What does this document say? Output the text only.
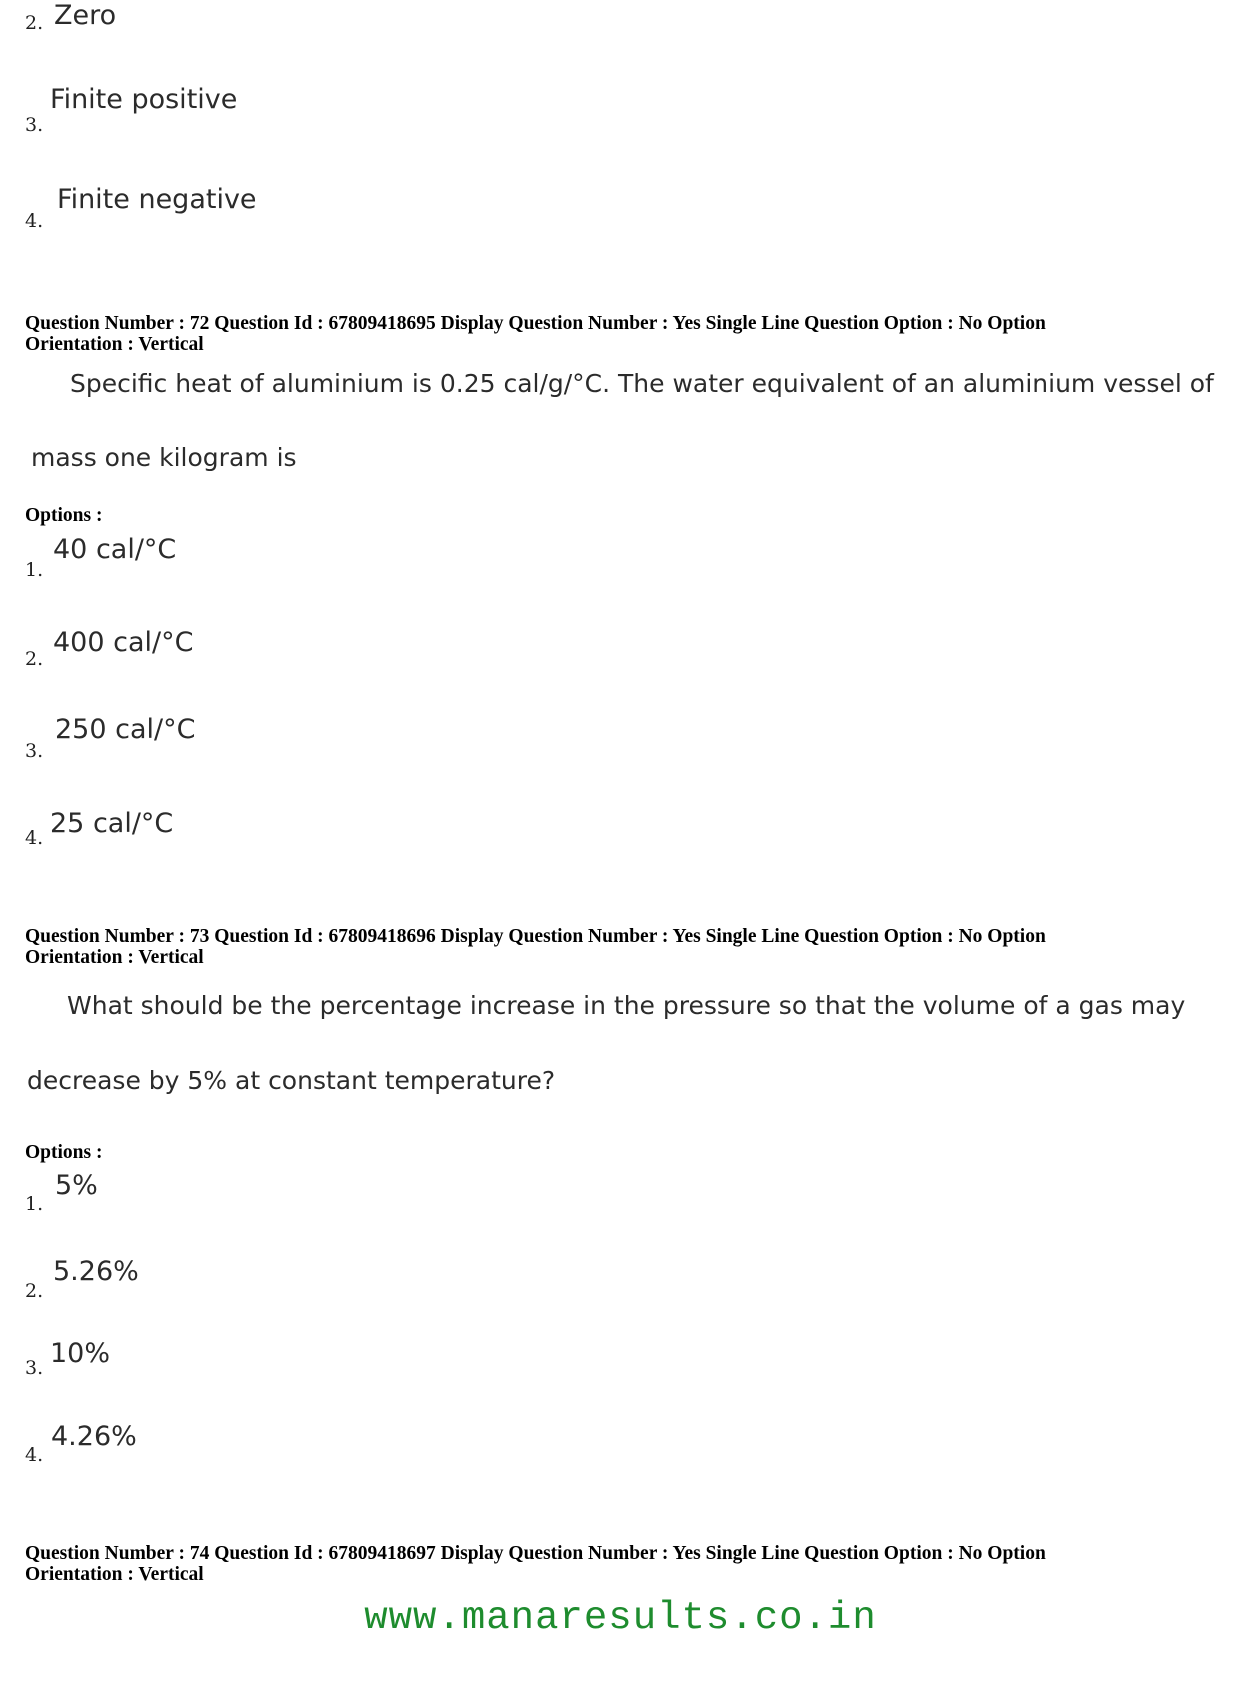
2. Zero
3.
Finite positive
4.
Finite negative
Question Number : 72 Question Id : 67809418695 Display Question Number : Yes Single Line Question Option : No Option
Orientation : Vertical
Specific heat of aluminium is 0.25 cal/g/°C. The water equivalent of an aluminium vessel of
mass one kilogram is
Options :
1.
40 cal/°C
2.
400 cal/°C
3.
250 cal/°C
4. 25 cal/°C
Question Number : 73 Question Id : 67809418696 Display Question Number : Yes Single Line Question Option : No Option
Orientation : Vertical
What should be the percentage increase in the pressure so that the volume of a gas may
decrease by 5% at constant temperature?
Options :
1.
5%
2.
5.26%
3. 10%
4.
4.26%
Question Number : 74 Question Id : 67809418697 Display Question Number : Yes Single Line Question Option : No Option
Orientation : Vertical
www.manaresults.co.in
